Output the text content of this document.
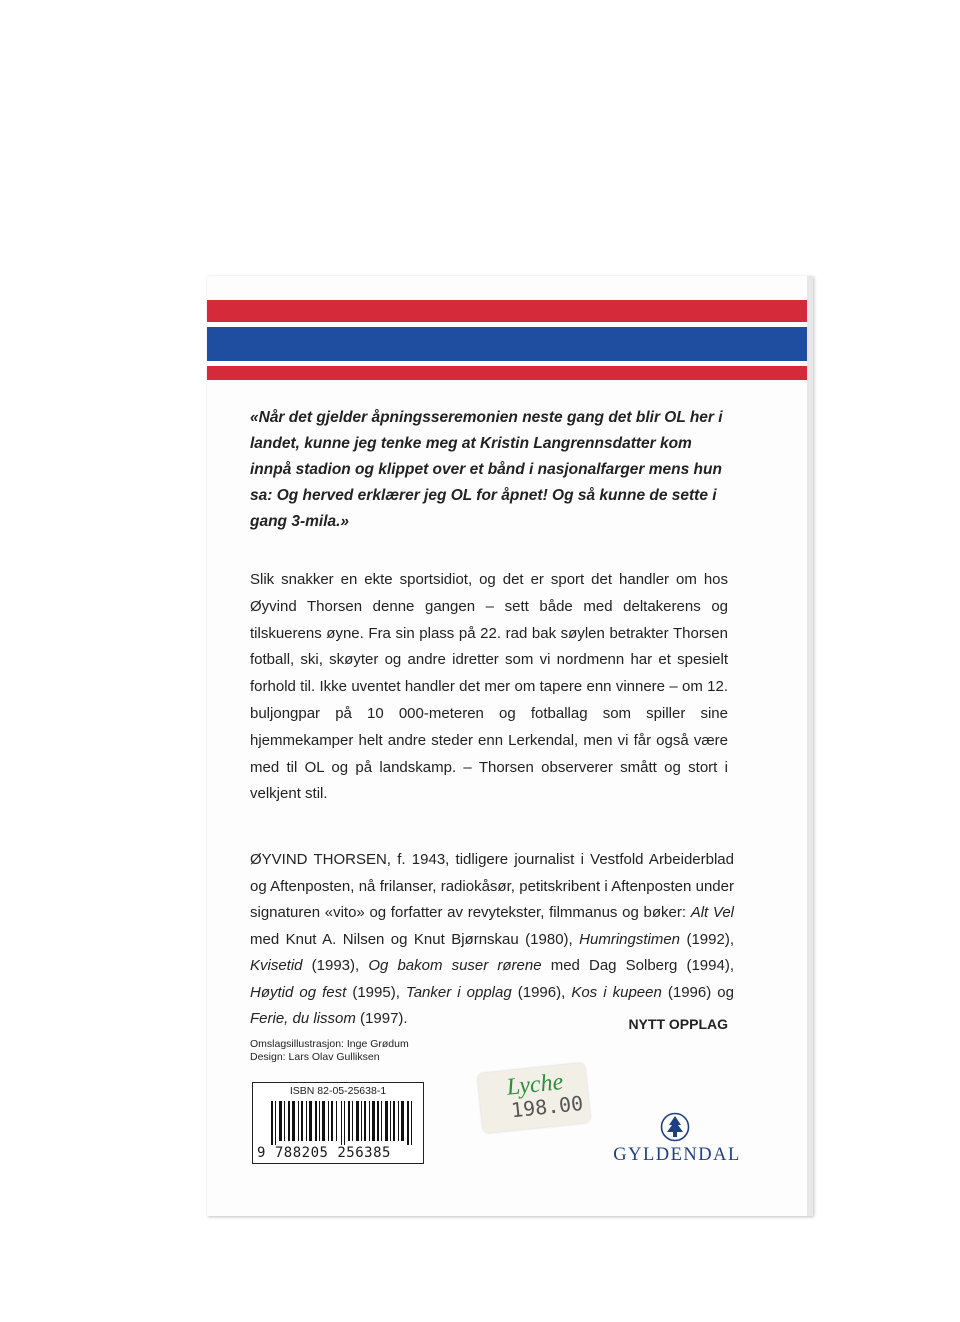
«Når det gjelder åpningsseremonien neste gang det blir OL her i landet, kunne jeg tenke meg at Kristin Langrennsdatter kom innpå stadion og klippet over et bånd i nasjonalfarger mens hun sa: Og herved erklærer jeg OL for åpnet! Og så kunne de sette i gang 3-mila.»
Slik snakker en ekte sportsidiot, og det er sport det handler om hos Øyvind Thorsen denne gangen – sett både med deltakerens og tilskuerens øyne. Fra sin plass på 22. rad bak søylen betrakter Thorsen fotball, ski, skøyter og andre idretter som vi nordmenn har et spesielt forhold til. Ikke uventet handler det mer om tapere enn vinnere – om 12. buljongpar på 10 000-meteren og fotballag som spiller sine hjemmekamper helt andre steder enn Lerkendal, men vi får også være med til OL og på landskamp. – Thorsen observerer smått og stort i velkjent stil.
ØYVIND THORSEN, f. 1943, tidligere journalist i Vestfold Arbeiderblad og Aftenposten, nå frilanser, radiokåsør, petitskribent i Aftenposten under signaturen «vito» og forfatter av revytekster, filmmanus og bøker: Alt Vel med Knut A. Nilsen og Knut Bjørnskau (1980), Humringstimen (1992), Kvisetid (1993), Og bakom suser rørene med Dag Solberg (1994), Høytid og fest (1995), Tanker i opplag (1996), Kos i kupeen (1996) og Ferie, du lissom (1997).	NYTT OPPLAG
Omslagsillustrasjon: Inge Grødum
Design: Lars Olav Gulliksen
ISBN 82-05-25638-1
9 788205 256385
Lyche
198.00
GYLDENDAL
